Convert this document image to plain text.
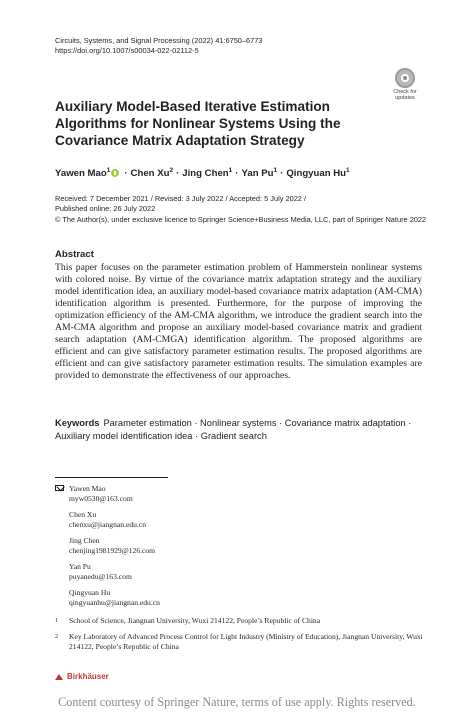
Circuits, Systems, and Signal Processing (2022) 41:6750–6773
https://doi.org/10.1007/s00034-022-02112-5
Check for
updates
Auxiliary Model-Based Iterative Estimation Algorithms for Nonlinear Systems Using the Covariance Matrix Adaptation Strategy
Yawen Mao$^1$ · Chen $Xu^2$ · Jing Chen$^1$ · Yan $Pu^1$ · Qingyuan Hu$^1$
Received: 7 December 2021 / Revised: 3 July 2022 / Accepted: 5 July 2022 /
Published online: 26 July 2022
© The Author(s), under exclusive licence to Springer Science+Business Media, LLC, part of Springer Nature 2022
Abstract

This paper focuses on the parameter estimation problem of Hammerstein nonlinear systems with colored noise. By virtue of the covariance matrix adaptation strategy and the auxiliary model identification idea, an auxiliary model-based covariance matrix adaptation (AM-CMA) identification algorithm is presented. Furthermore, for the purpose of improving the optimization efficiency of the AM-CMA algorithm, we introduce the gradient search into the AM-CMA algorithm and propose an auxiliary model-based covariance matrix and gradient search adaptation (AM-CMGA) identification algorithm. The proposed algorithms are efficient and can give satisfactory parameter estimation results. The proposed algorithms are efficient and can give satisfactory parameter estimation results. The simulation examples are provided to demonstrate the effectiveness of our approaches.

Keywords Parameter estimation · Nonlinear systems · Covariance matrix adaptation · Auxiliary model identification idea · Gradient search
Yawen Mao
myw0530@163.com
Chen Xu
chenxu@jiangnan.edu.cn
Jing Chen
chenjing1981929@126.com
Yan Pu
puyanedu@163.com
Qingyuan Hu
qingyuanhu@jiangnan.edu.cn
1 School of Science, Jiangnan University, Wuxi 214122, People’s Republic of China
2 Key Laboratory of Advanced Process Control for Light Industry (Ministry of Education), Jiangnan University, Wuxi 214122, People’s Republic of China
Birkhäuser
Content courtesy of Springer Nature, terms of use apply. Rights reserved.
